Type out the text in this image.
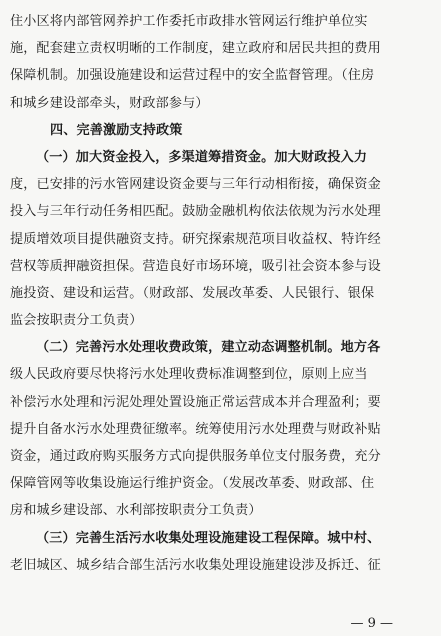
住小区将内部管网养护工作委托市政排水管网运行维护单位实
施，配套建立责权明晰的工作制度，建立政府和居民共担的费用
保障机制。加强设施建设和运营过程中的安全监督管理。（住房
和城乡建设部牵头，财政部参与）
四、完善激励支持政策
（一）加大资金投入，多渠道筹措资金。加大财政投入力
度，已安排的污水管网建设资金要与三年行动相衔接，确保资金
投入与三年行动任务相匹配。鼓励金融机构依法依规为污水处理
提质增效项目提供融资支持。研究探索规范项目收益权、特许经
营权等质押融资担保。营造良好市场环境，吸引社会资本参与设
施投资、建设和运营。（财政部、发展改革委、人民银行、银保
监会按职责分工负责）
（二）完善污水处理收费政策，建立动态调整机制。地方各
级人民政府要尽快将污水处理收费标准调整到位，原则上应当
补偿污水处理和污泥处理处置设施正常运营成本并合理盈利；要
提升自备水污水处理费征缴率。统筹使用污水处理费与财政补贴
资金，通过政府购买服务方式向提供服务单位支付服务费，充分
保障管网等收集设施运行维护资金。（发展改革委、财政部、住
房和城乡建设部、水利部按职责分工负责）
（三）完善生活污水收集处理设施建设工程保障。城中村、
老旧城区、城乡结合部生活污水收集处理设施建设涉及拆迁、征
— 9 —
